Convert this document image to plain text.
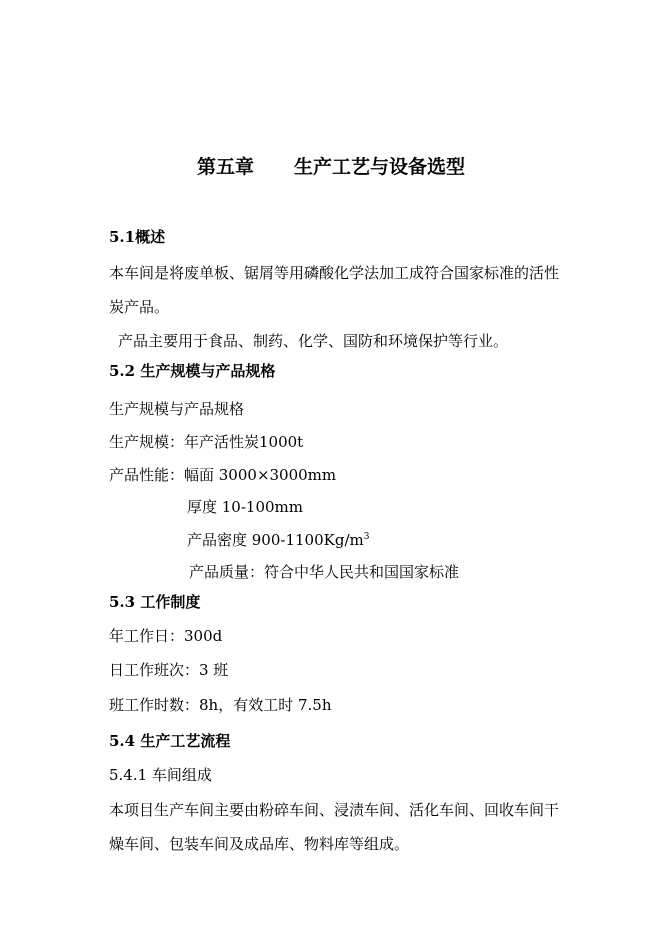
第五章 生产工艺与设备选型
5.1概述
本车间是将废单板、锯屑等用磷酸化学法加工成符合国家标准的活性
炭产品。
产品主要用于食品、制药、化学、国防和环境保护等行业。
5.2 生产规模与产品规格
生产规模与产品规格
生产规模：年产活性炭1000t
产品性能：幅面 3000×3000mm
厚度 10-100mm
产品密度 $900-1100Kg/m^3$
产品质量：符合中华人民共和国国家标准
5.3 工作制度
年工作日：300d
日工作班次：3 班
班工作时数：8h，有效工时 7.5h
5.4 生产工艺流程
5.4.1 车间组成
本项目生产车间主要由粉碎车间、浸渍车间、活化车间、回收车间干
燥车间、包装车间及成品库、物料库等组成。
